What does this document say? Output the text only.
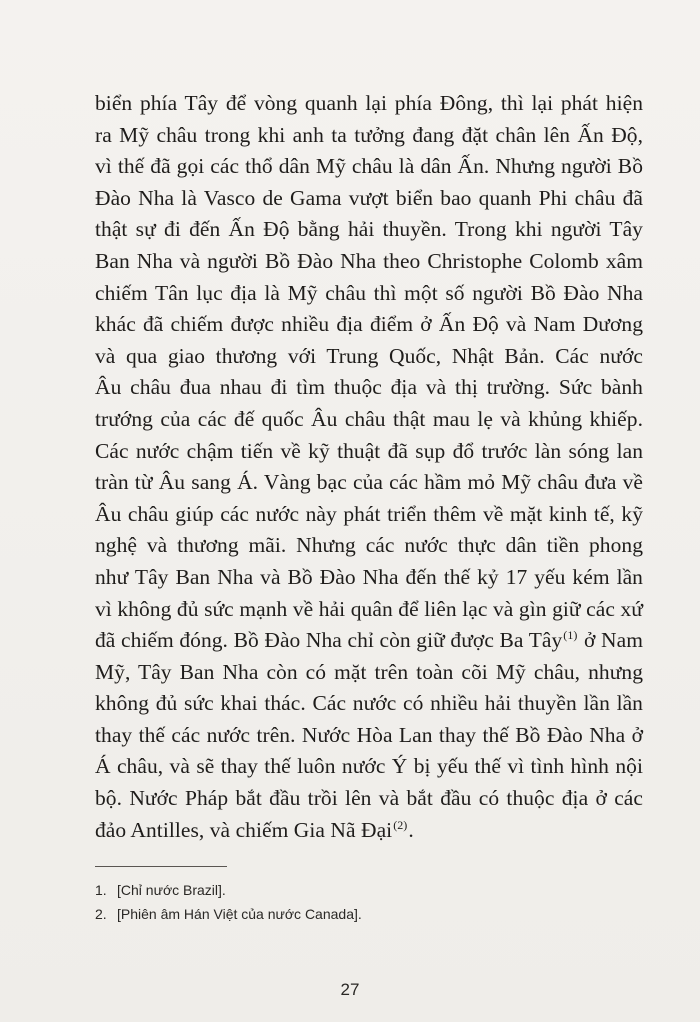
biển phía Tây để vòng quanh lại phía Đông, thì lại phát hiện
ra Mỹ châu trong khi anh ta tưởng đang đặt chân lên Ấn Độ,
vì thế đã gọi các thổ dân Mỹ châu là dân Ấn. Nhưng người Bồ
Đào Nha là Vasco de Gama vượt biển bao quanh Phi châu đã
thật sự đi đến Ấn Độ bằng hải thuyền. Trong khi người Tây
Ban Nha và người Bồ Đào Nha theo Christophe Colomb xâm
chiếm Tân lục địa là Mỹ châu thì một số người Bồ Đào Nha
khác đã chiếm được nhiều địa điểm ở Ấn Độ và Nam Dương
và qua giao thương với Trung Quốc, Nhật Bản. Các nước
Âu châu đua nhau đi tìm thuộc địa và thị trường. Sức bành
trướng của các đế quốc Âu châu thật mau lẹ và khủng khiếp.
Các nước chậm tiến về kỹ thuật đã sụp đổ trước làn sóng lan
tràn từ Âu sang Á. Vàng bạc của các hầm mỏ Mỹ châu đưa về
Âu châu giúp các nước này phát triển thêm về mặt kinh tế, kỹ
nghệ và thương mãi. Nhưng các nước thực dân tiền phong
như Tây Ban Nha và Bồ Đào Nha đến thế kỷ 17 yếu kém lần
vì không đủ sức mạnh về hải quân để liên lạc và gìn giữ các xứ
đã chiếm đóng. Bồ Đào Nha chỉ còn giữ được Ba Tây$^{(1)}$ ở Nam
Mỹ, Tây Ban Nha còn có mặt trên toàn cõi Mỹ châu, nhưng
không đủ sức khai thác. Các nước có nhiều hải thuyền lần lần
thay thế các nước trên. Nước Hòa Lan thay thế Bồ Đào Nha ở
Á châu, và sẽ thay thế luôn nước Ý bị yếu thế vì tình hình nội
bộ. Nước Pháp bắt đầu trồi lên và bắt đầu có thuộc địa ở các
đảo Antilles, và chiếm Gia Nã Đại$^{(2)}$.
1. [Chỉ nước Brazil].
2. [Phiên âm Hán Việt của nước Canada].
27
